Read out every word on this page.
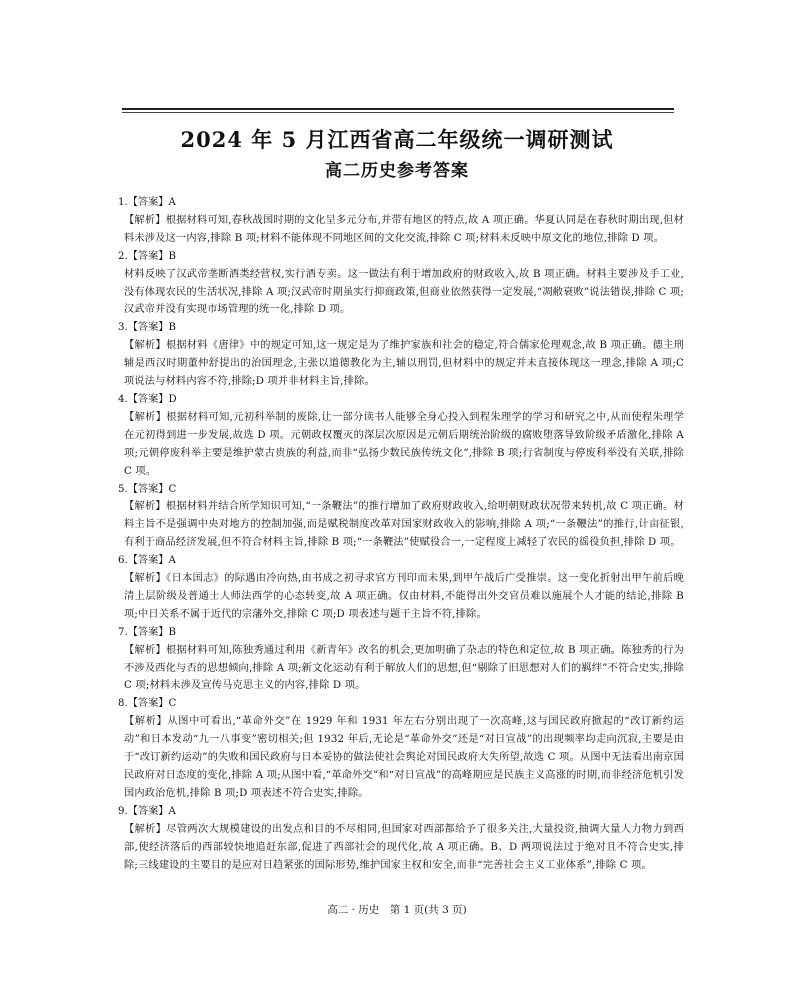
2024 年 5 月江西省高二年级统一调研测试
高二历史参考答案

1.【答案】A

【解析】根据材料可知,春秋战国时期的文化呈多元分布,并带有地区的特点,故 A 项正确。华夏认同是在春秋时期出现,但材料未涉及这一内容,排除 B 项;材料不能体现不同地区间的文化交流,排除 C 项;材料未反映中原文化的地位,排除 D 项。

2.【答案】B

材料反映了汉武帝垄断酒类经营权,实行酒专卖。这一做法有利于增加政府的财政收入,故 B 项正确。材料主要涉及手工业,没有体现农民的生活状况,排除 A 项;汉武帝时期虽实行抑商政策,但商业依然获得一定发展,“凋敝衰败”说法错误,排除 C 项;汉武帝并没有实现市场管理的统一化,排除 D 项。

3.【答案】B

【解析】根据材料《唐律》中的规定可知,这一规定是为了维护家族和社会的稳定,符合儒家伦理观念,故 B 项正确。德主刑辅是西汉时期董仲舒提出的治国理念,主张以道德教化为主,辅以刑罚,但材料中的规定并未直接体现这一理念,排除 A 项;C 项说法与材料内容不符,排除;D 项并非材料主旨,排除。

4.【答案】D

【解析】根据材料可知,元初科举制的废除,让一部分读书人能够全身心投入到程朱理学的学习和研究之中,从而使程朱理学在元初得到进一步发展,故选 D 项。元朝政权覆灭的深层次原因是元朝后期统治阶级的腐败堕落导致阶级矛盾激化,排除 A 项;元朝停废科举主要是维护蒙古贵族的利益,而非“弘扬少数民族传统文化”,排除 B 项;行省制度与停废科举没有关联,排除 C 项。

5.【答案】C

【解析】根据材料并结合所学知识可知,“一条鞭法”的推行增加了政府财政收入,给明朝财政状况带来转机,故 C 项正确。材料主旨不是强调中央对地方的控制加强,而是赋税制度改革对国家财政收入的影响,排除 A 项;“一条鞭法”的推行,计亩征银,有利于商品经济发展,但不符合材料主旨,排除 B 项;“一条鞭法”使赋役合一,一定程度上减轻了农民的徭役负担,排除 D 项。

6.【答案】A

【解析】《日本国志》的际遇由冷向热,由书成之初寻求官方刊印而未果,到甲午战后广受推崇。这一变化折射出甲午前后晚清上层阶级及普通士人师法西学的心态转变,故 A 项正确。仅由材料,不能得出外交官员难以施展个人才能的结论,排除 B 项;中日关系不属于近代的宗藩外交,排除 C 项;D 项表述与题干主旨不符,排除。

7.【答案】B

【解析】根据材料可知,陈独秀通过利用《新青年》改名的机会,更加明确了杂志的特色和定位,故 B 项正确。陈独秀的行为不涉及西化与否的思想倾向,排除 A 项;新文化运动有利于解放人们的思想,但“剔除了旧思想对人们的羁绊”不符合史实,排除 C 项;材料未涉及宣传马克思主义的内容,排除 D 项。

8.【答案】C

【解析】从图中可看出,“革命外交”在 1929 年和 1931 年左右分别出现了一次高峰,这与国民政府掀起的“改订新约运动”和日本发动“九一八事变”密切相关;但 1932 年后,无论是“革命外交”还是“对日宣战”的出现频率均走向沉寂,主要是由于“改订新约运动”的失败和国民政府与日本妥协的做法使社会舆论对国民政府大失所望,故选 C 项。从图中无法看出南京国民政府对日态度的变化,排除 A 项;从图中看,“革命外交”和“对日宣战”的高峰期应是民族主义高涨的时期,而非经济危机引发国内政治危机,排除 B 项;D 项表述不符合史实,排除。

9.【答案】A

【解析】尽管两次大规模建设的出发点和目的不尽相同,但国家对西部都给予了很多关注,大量投资,抽调大量人力物力到西部,使经济落后的西部较快地追赶东部,促进了西部社会的现代化,故 A 项正确。B、D 两项说法过于绝对且不符合史实,排除;三线建设的主要目的是应对日趋紧张的国际形势,维护国家主权和安全,而非“完善社会主义工业体系”,排除 C 项。

高二 · 历史　第 1 页(共 3 页)
